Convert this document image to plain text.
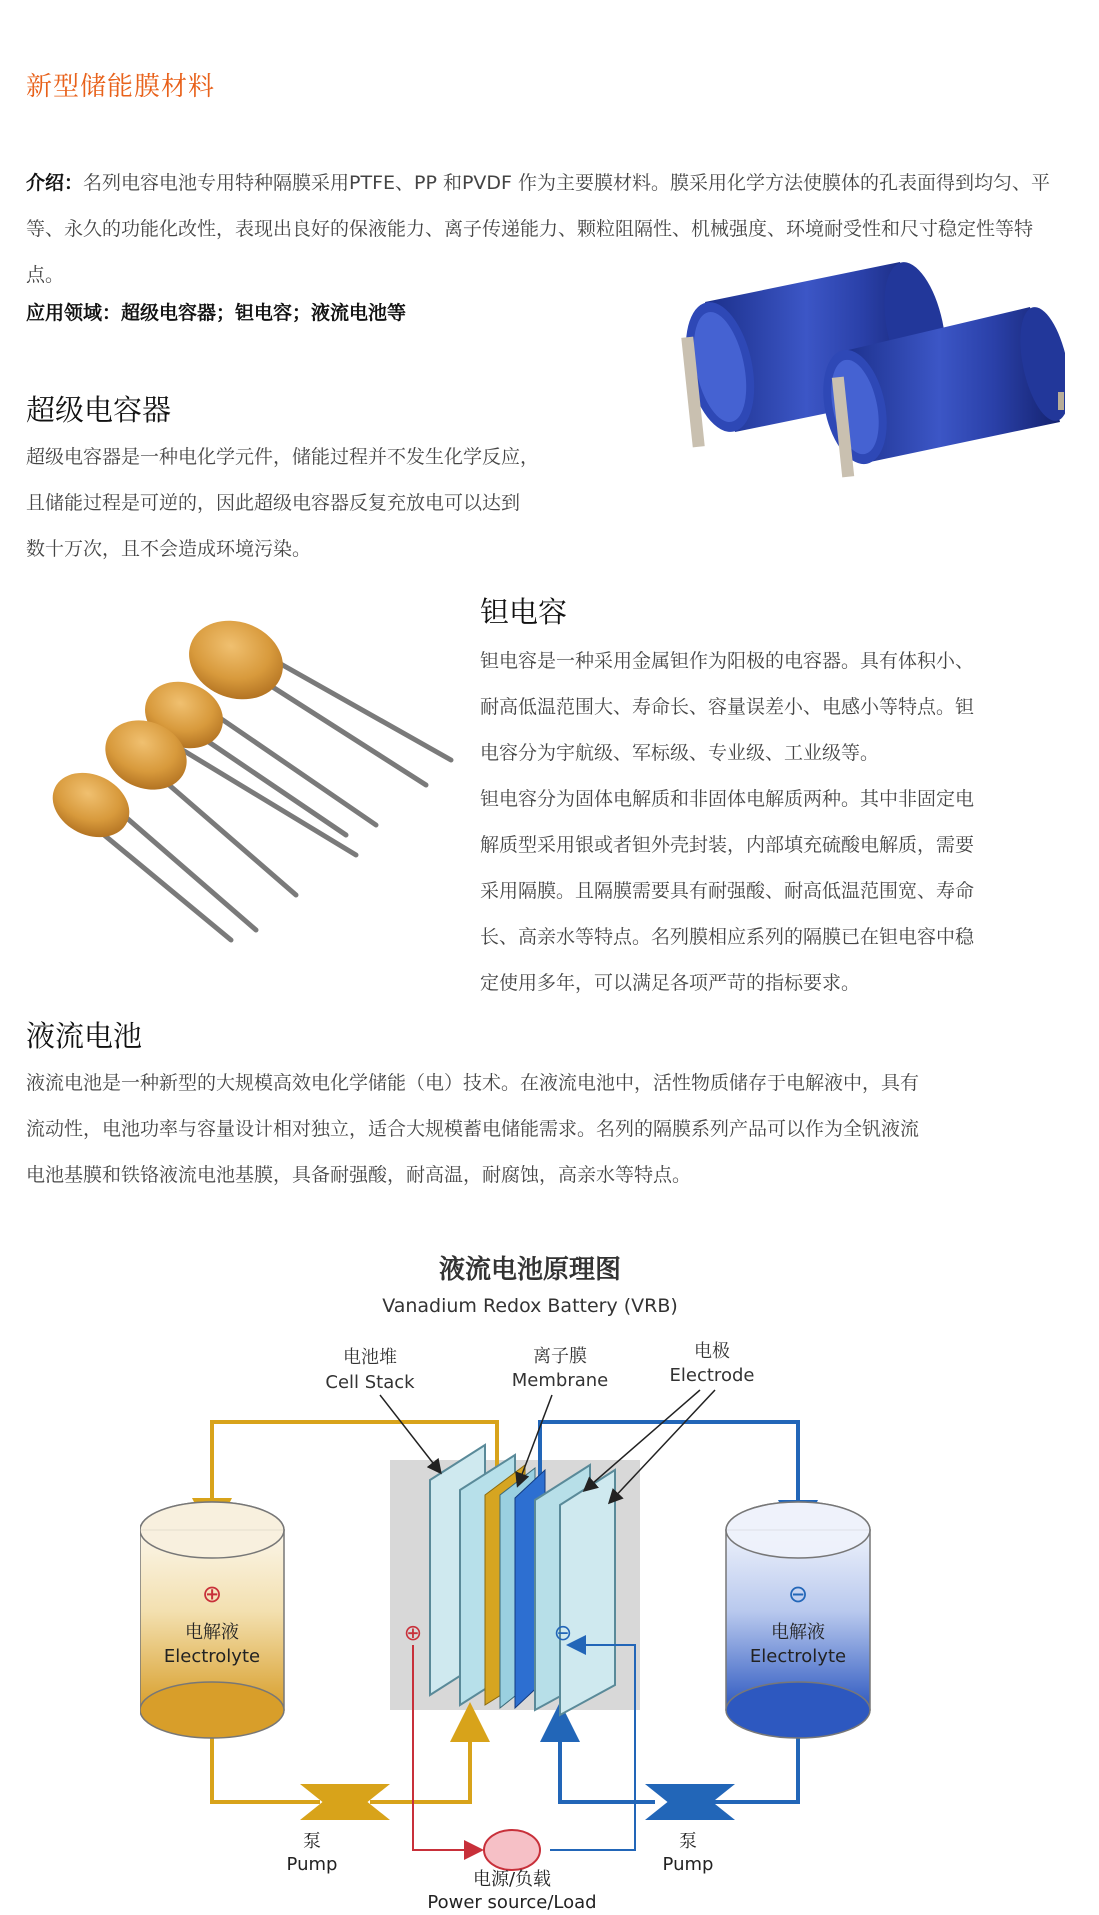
新型储能膜材料
介绍：名列电容电池专用特种隔膜采用PTFE、PP 和PVDF 作为主要膜材料。膜采用化学方法使膜体的孔表面得到均匀、平等、永久的功能化改性，表现出良好的保液能力、离子传递能力、颗粒阻隔性、机械强度、环境耐受性和尺寸稳定性等特点。
应用领域：超级电容器；钽电容；液流电池等
超级电容器
超级电容器是一种电化学元件，储能过程并不发生化学反应，
且储能过程是可逆的，因此超级电容器反复充放电可以达到
数十万次，且不会造成环境污染。
钽电容
钽电容是一种采用金属钽作为阳极的电容器。具有体积小、
耐高低温范围大、寿命长、容量误差小、电感小等特点。钽
电容分为宇航级、军标级、专业级、工业级等。
钽电容分为固体电解质和非固体电解质两种。其中非固定电
解质型采用银或者钽外壳封装，内部填充硫酸电解质，需要
采用隔膜。且隔膜需要具有耐强酸、耐高低温范围宽、寿命
长、高亲水等特点。名列膜相应系列的隔膜已在钽电容中稳
定使用多年，可以满足各项严苛的指标要求。
液流电池
液流电池是一种新型的大规模高效电化学储能（电）技术。在液流电池中，活性物质储存于电解液中，具有
流动性，电池功率与容量设计相对独立，适合大规模蓄电储能需求。名列的隔膜系列产品可以作为全钒液流
电池基膜和铁铬液流电池基膜，具备耐强酸，耐高温，耐腐蚀，高亲水等特点。
液流电池原理图
Vanadium Redox Battery (VRB)
电池堆
Cell Stack
离子膜
Membrane
电极
Electrode
⊕
电解液
Electrolyte
⊖
电解液
Electrolyte
⊕	⊖
泵
Pump
泵
Pump
电源/负载
Power source/Load
